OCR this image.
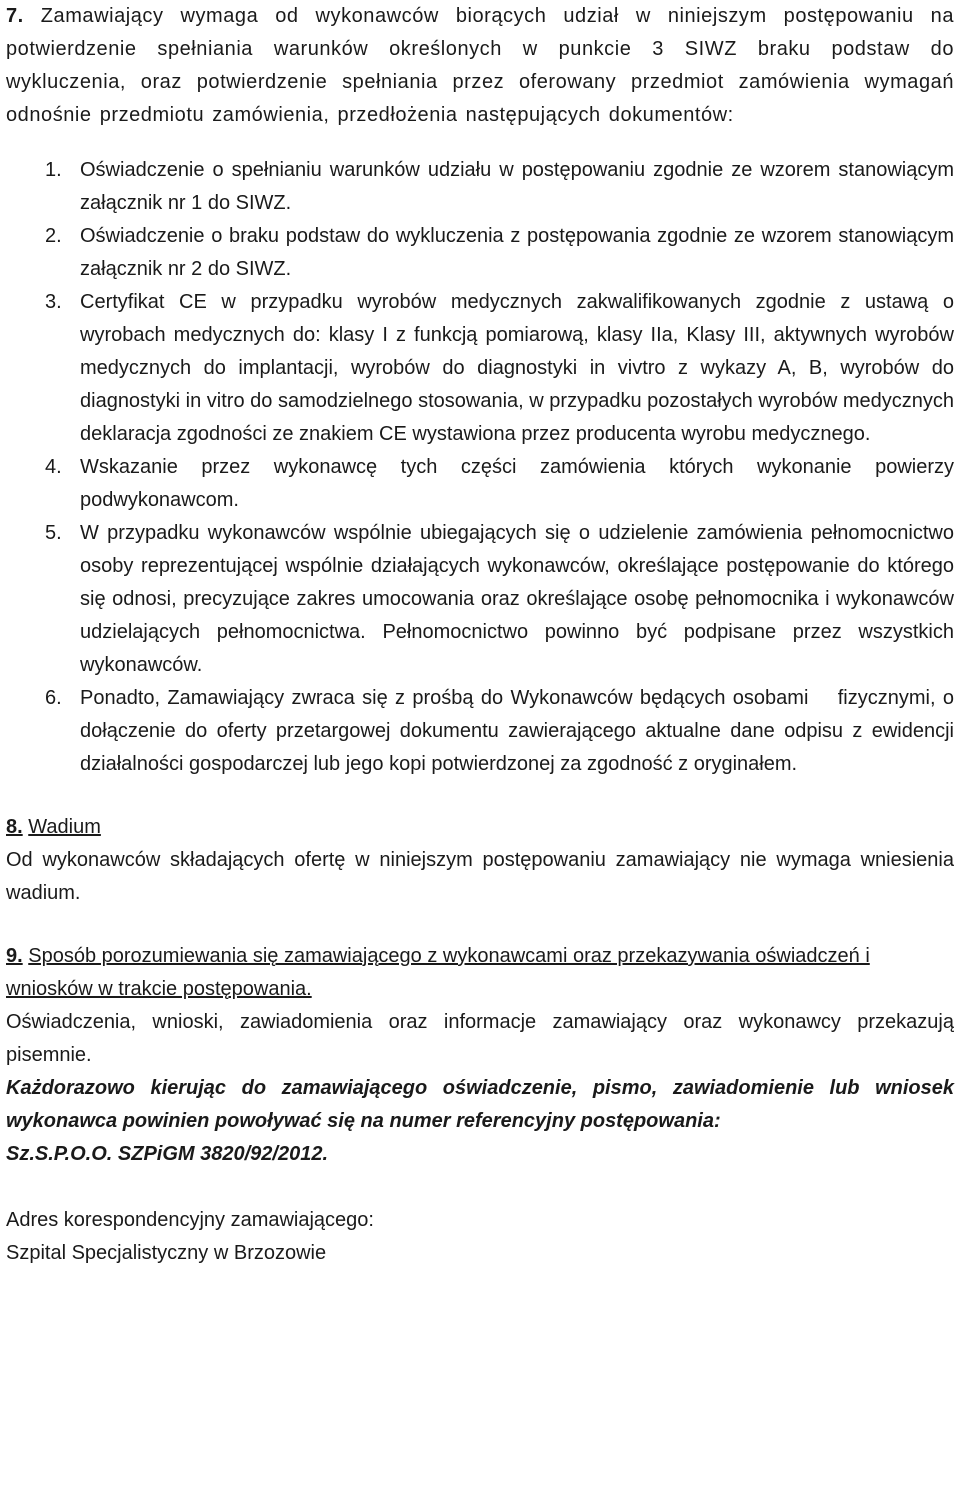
7. Zamawiający wymaga od wykonawców biorących udział w niniejszym postępowaniu na potwierdzenie spełniania warunków określonych w punkcie 3 SIWZ braku podstaw do wykluczenia, oraz potwierdzenie spełniania przez oferowany przedmiot zamówienia wymagań odnośnie przedmiotu zamówienia, przedłożenia następujących dokumentów:
1. Oświadczenie o spełnianiu warunków udziału w postępowaniu zgodnie ze wzorem stanowiącym załącznik nr 1 do SIWZ.
2. Oświadczenie o braku podstaw do wykluczenia z postępowania zgodnie ze wzorem stanowiącym załącznik nr 2 do SIWZ.
3. Certyfikat CE w przypadku wyrobów medycznych zakwalifikowanych zgodnie z ustawą o wyrobach medycznych do: klasy I z funkcją pomiarową, klasy IIa, Klasy III, aktywnych wyrobów medycznych do implantacji, wyrobów do diagnostyki in vivtro z wykazy A, B, wyrobów do diagnostyki in vitro do samodzielnego stosowania, w przypadku pozostałych wyrobów medycznych deklaracja zgodności ze znakiem CE wystawiona przez producenta wyrobu medycznego.
4. Wskazanie przez wykonawcę tych części zamówienia których wykonanie powierzy podwykonawcom.
5. W przypadku wykonawców wspólnie ubiegających się o udzielenie zamówienia pełnomocnictwo osoby reprezentującej wspólnie działających wykonawców, określające postępowanie do którego się odnosi, precyzujące zakres umocowania oraz określające osobę pełnomocnika i wykonawców udzielających pełnomocnictwa. Pełnomocnictwo powinno być podpisane przez wszystkich wykonawców.
6. Ponadto, Zamawiający zwraca się z prośbą do Wykonawców będących osobami    fizycznymi, o dołączenie do oferty przetargowej dokumentu zawierającego aktualne dane odpisu z ewidencji działalności gospodarczej lub jego kopi potwierdzonej za zgodność z oryginałem.
8. Wadium
Od wykonawców składających ofertę w niniejszym postępowaniu zamawiający nie wymaga wniesienia wadium.
9. Sposób porozumiewania się zamawiającego z wykonawcami oraz przekazywania oświadczeń i wniosków w trakcie postępowania.
Oświadczenia, wnioski, zawiadomienia oraz informacje zamawiający oraz wykonawcy przekazują pisemnie.
Każdorazowo kierując do zamawiającego oświadczenie, pismo, zawiadomienie lub wniosek wykonawca powinien powoływać się na numer referencyjny postępowania:
Sz.S.P.O.O. SZPiGM 3820/92/2012.
Adres korespondencyjny zamawiającego:
Szpital Specjalistyczny w Brzozowie
